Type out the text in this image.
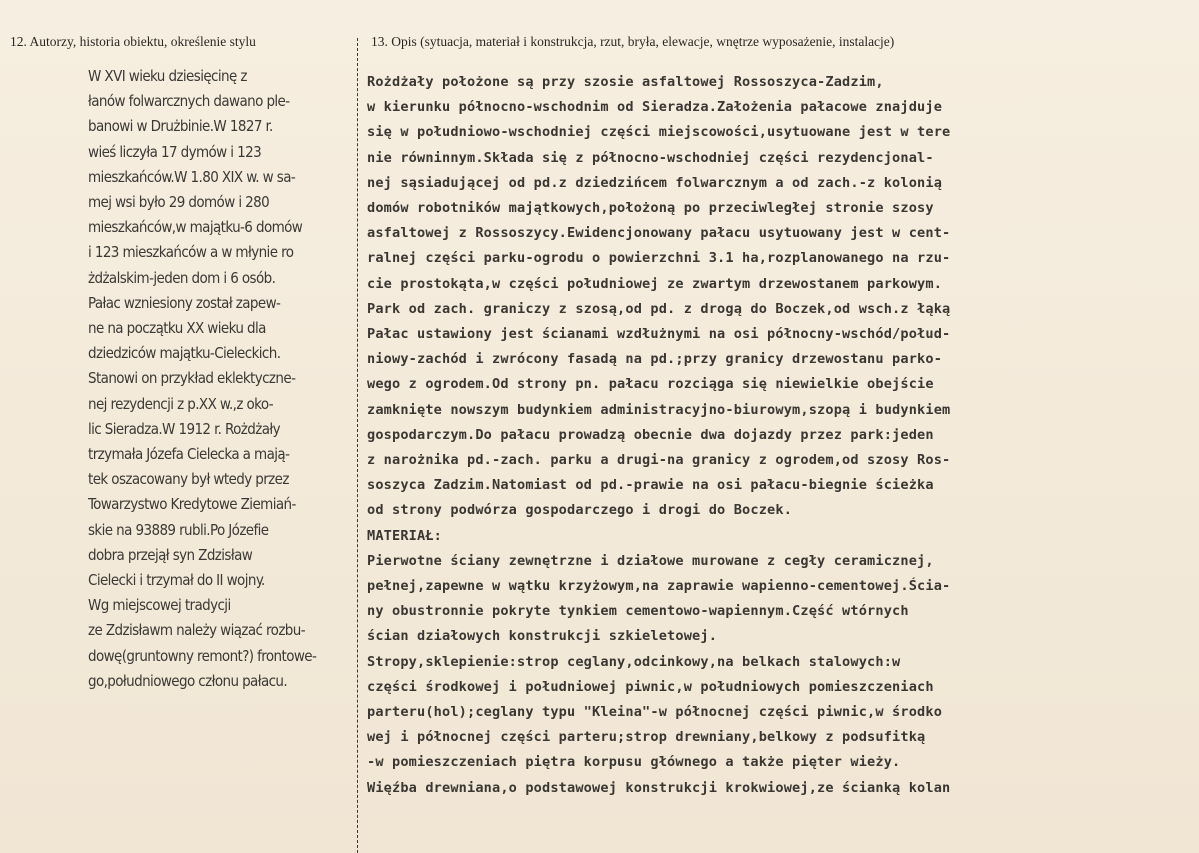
12. Autorzy, historia obiektu, określenie stylu	13. Opis (sytuacja, materiał i konstrukcja, rzut, bryła, elewacje, wnętrze wyposażenie, instalacje)
W XVI wieku dziesięcinę z
łanów folwarcznych dawano ple-
banowi w Drużbinie.W 1827 r.
wieś liczyła 17 dymów i 123
mieszkańców.W 1.80 XIX w. w sa-
mej wsi było 29 domów i 280
mieszkańców,w majątku-6 domów
i 123 mieszkańców a w młynie ro
żdżalskim-jeden dom i 6 osób.
Pałac wzniesiony został zapew-
ne na początku XX wieku dla
dziedziców majątku-Cieleckich.
Stanowi on przykład eklektyczne-
nej rezydencji z p.XX w.,z oko-
lic Sieradza.W 1912 r. Rożdżały
trzymała Józefa Cielecka a mają-
tek oszacowany był wtedy przez
Towarzystwo Kredytowe Ziemiań-
skie na 93889 rubli.Po Józefie
dobra przejął syn Zdzisław
Cielecki i trzymał do II wojny.
Wg miejscowej tradycji
ze Zdzisławm należy wiązać rozbu-
dowę(gruntowny remont?) frontowe-
go,południowego członu pałacu.
Rożdżały położone są przy szosie asfaltowej Rossoszyca-Zadzim,
w kierunku północno-wschodnim od Sieradza.Założenia pałacowe znajduje
się w południowo-wschodniej części miejscowości,usytuowane jest w tere
nie równinnym.Składa się z północno-wschodniej części rezydencjonal-
nej sąsiadującej od pd.z dziedzińcem folwarcznym a od zach.-z kolonią
domów robotników majątkowych,położoną po przeciwległej stronie szosy
asfaltowej z Rossoszycy.Ewidencjonowany pałacu usytuowany jest w cent-
ralnej części parku-ogrodu o powierzchni 3.1 ha,rozplanowanego na rzu-
cie prostokąta,w części południowej ze zwartym drzewostanem parkowym.
Park od zach. graniczy z szosą,od pd. z drogą do Boczek,od wsch.z łąką
Pałac ustawiony jest ścianami wzdłużnymi na osi północny-wschód/połud-
niowy-zachód i zwrócony fasadą na pd.;przy granicy drzewostanu parko-
wego z ogrodem.Od strony pn. pałacu rozciąga się niewielkie obejście
zamknięte nowszym budynkiem administracyjno-biurowym,szopą i budynkiem
gospodarczym.Do pałacu prowadzą obecnie dwa dojazdy przez park:jeden
z narożnika pd.-zach. parku a drugi-na granicy z ogrodem,od szosy Ros-
soszyca Zadzim.Natomiast od pd.-prawie na osi pałacu-biegnie ścieżka
od strony podwórza gospodarczego i drogi do Boczek.
MATERIAŁ:
Pierwotne ściany zewnętrzne i działowe murowane z cegły ceramicznej,
pełnej,zapewne w wątku krzyżowym,na zaprawie wapienno-cementowej.Ścia-
ny obustronnie pokryte tynkiem cementowo-wapiennym.Część wtórnych
ścian działowych konstrukcji szkieletowej.
Stropy,sklepienie:strop ceglany,odcinkowy,na belkach stalowych:w
części środkowej i południowej piwnic,w południowych pomieszczeniach
parteru(hol);ceglany typu "Kleina"-w północnej części piwnic,w środko
wej i północnej części parteru;strop drewniany,belkowy z podsufitką
-w pomieszczeniach piętra korpusu głównego a także pięter wieży.
Więźba drewniana,o podstawowej konstrukcji krokwiowej,ze ścianką kolan
